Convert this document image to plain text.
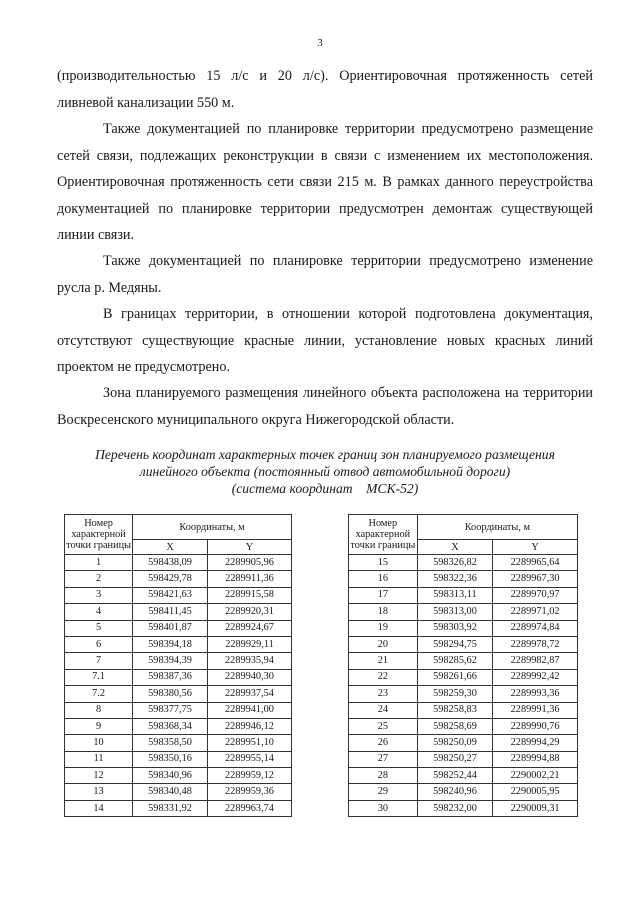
3

(производительностью 15 л/с и 20 л/с). Ориентировочная протяженность сетей ливневой канализации 550 м.

Также документацией по планировке территории предусмотрено размещение сетей связи, подлежащих реконструкции в связи с изменением их местоположения. Ориентировочная протяженность сети связи 215 м. В рамках данного переустройства документацией по планировке территории предусмотрен демонтаж существующей линии связи.

Также документацией по планировке территории предусмотрено изменение русла р. Медяны.

В границах территории, в отношении которой подготовлена документация, отсутствуют существующие красные линии, установление новых красных линий проектом не предусмотрено.

Зона планируемого размещения линейного объекта расположена на территории Воскресенского муниципального округа Нижегородской области.

Перечень координат характерных точек границ зон планируемого размещения
линейного объекта (постоянный отвод автомобильной дороги)
(система координат    МСК-52)
Номер характерной точки границы	Координаты, м	
	X	Y
1	598438,09	2289905,96
2	598429,78	2289911,36
3	598421,63	2289915,58
4	598411,45	2289920,31
5	598401,87	2289924,67
6	598394,18	2289929,11
7	598394,39	2289935,94
7.1	598387,36	2289940,30
7.2	598380,56	2289937,54
8	598377,75	2289941,00
9	598368,34	2289946,12
10	598358,50	2289951,10
11	598350,16	2289955,14
12	598340,96	2289959,12
13	598340,48	2289959,36
14	598331,92	2289963,74
Номер характерной точки границы	Координаты, м	
	X	Y
15	598326,82	2289965,64
16	598322,36	2289967,30
17	598313,11	2289970,97
18	598313,00	2289971,02
19	598303,92	2289974,84
20	598294,75	2289978,72
21	598285,62	2289982,87
22	598261,66	2289992,42
23	598259,30	2289993,36
24	598258,83	2289991,36
25	598258,69	2289990,76
26	598250,09	2289994,29
27	598250,27	2289994,88
28	598252,44	2290002,21
29	598240,96	2290005,95
30	598232,00	2290009,31
